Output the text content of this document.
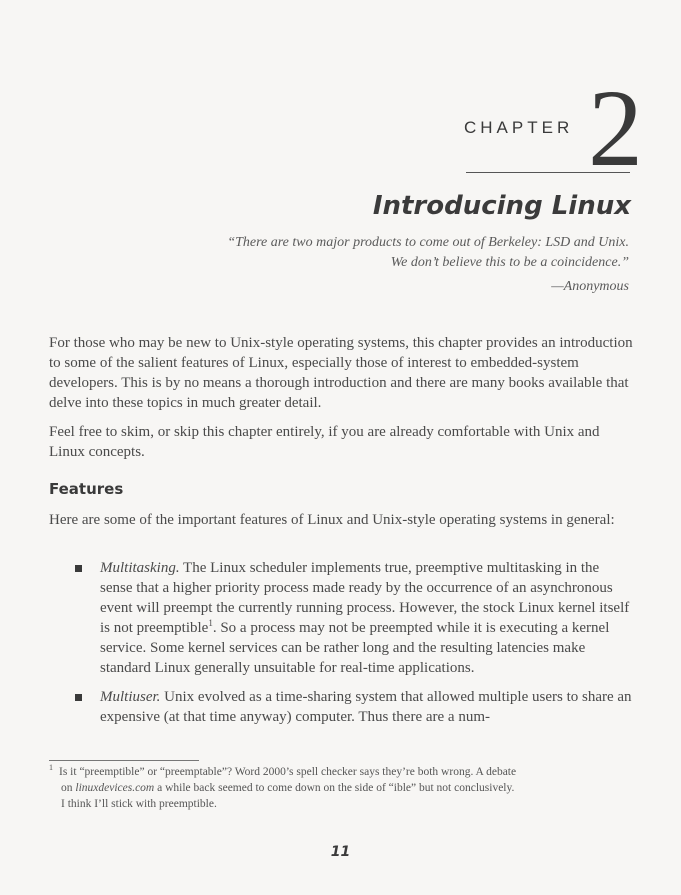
CHAPTER 2
Introducing Linux
“There are two major products to come out of Berkeley: LSD and Unix.
We don’t believe this to be a coincidence.”
—Anonymous
For those who may be new to Unix-style operating systems, this chapter provides an introduction to some of the salient features of Linux, especially those of interest to embedded-system developers. This is by no means a thorough introduction and there are many books available that delve into these topics in much greater detail.
Feel free to skim, or skip this chapter entirely, if you are already comfortable with Unix and Linux concepts.
Features
Here are some of the important features of Linux and Unix-style operating systems in general:
Multitasking. The Linux scheduler implements true, preemptive multitasking in the sense that a higher priority process made ready by the occurrence of an asynchronous event will preempt the currently running process. However, the stock Linux kernel itself is not preemptible$^1$. So a process may not be preempted while it is executing a kernel service. Some kernel services can be rather long and the resulting latencies make standard Linux generally unsuitable for real-time applications.
Multiuser. Unix evolved as a time-sharing system that allowed multiple users to share an expensive (at that time anyway) computer. Thus there are a num-
$^1$ Is it “preemptible” or “preemptable”? Word 2000’s spell checker says they’re both wrong. A debate
on linuxdevices.com a while back seemed to come down on the side of “ible” but not conclusively.
I think I’ll stick with preemptible.
11
